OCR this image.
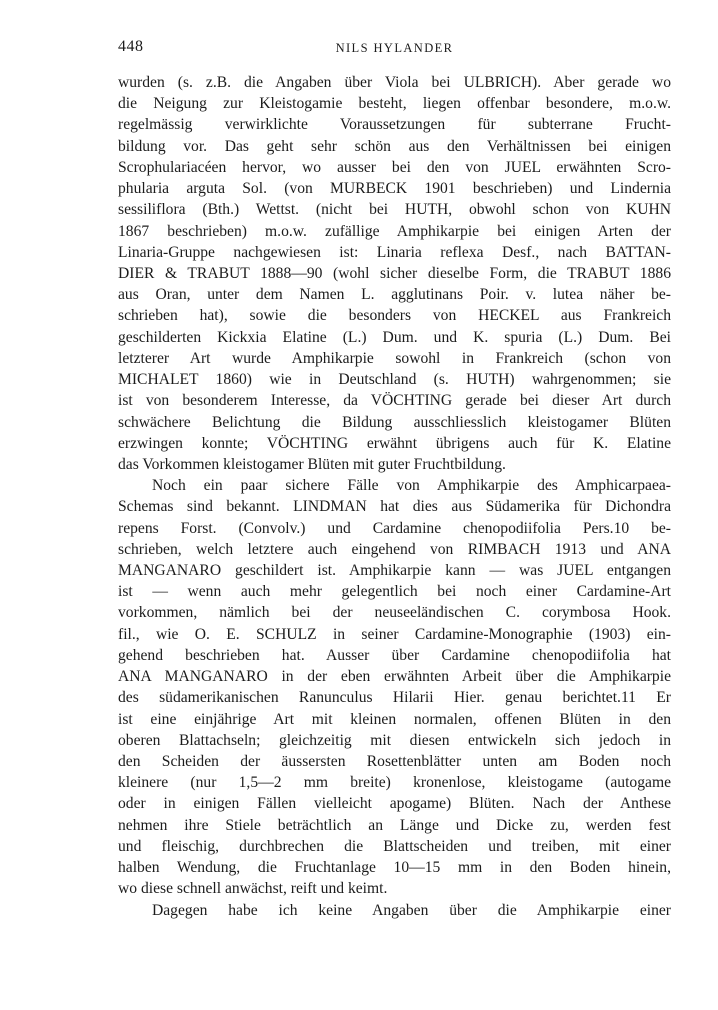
448	NILS HYLANDER
wurden (s. z.B. die Angaben über Viola bei ULBRICH). Aber gerade wo
die Neigung zur Kleistogamie besteht, liegen offenbar besondere, m.o.w.
regelmässig verwirklichte Voraussetzungen für subterrane Frucht-
bildung vor. Das geht sehr schön aus den Verhältnissen bei einigen
Scrophulariacéen hervor, wo ausser bei den von JUEL erwähnten Scro-
phularia arguta Sol. (von MURBECK 1901 beschrieben) und Lindernia
sessiliflora (Bth.) Wettst. (nicht bei HUTH, obwohl schon von KUHN
1867 beschrieben) m.o.w. zufällige Amphikarpie bei einigen Arten der
Linaria-Gruppe nachgewiesen ist: Linaria reflexa Desf., nach BATTAN-
DIER & TRABUT 1888—90 (wohl sicher dieselbe Form, die TRABUT 1886
aus Oran, unter dem Namen L. agglutinans Poir. v. lutea näher be-
schrieben hat), sowie die besonders von HECKEL aus Frankreich
geschilderten Kickxia Elatine (L.) Dum. und K. spuria (L.) Dum. Bei
letzterer Art wurde Amphikarpie sowohl in Frankreich (schon von
MICHALET 1860) wie in Deutschland (s. HUTH) wahrgenommen; sie
ist von besonderem Interesse, da VÖCHTING gerade bei dieser Art durch
schwächere Belichtung die Bildung ausschliesslich kleistogamer Blüten
erzwingen konnte; VÖCHTING erwähnt übrigens auch für K. Elatine
das Vorkommen kleistogamer Blüten mit guter Fruchtbildung.
Noch ein paar sichere Fälle von Amphikarpie des Amphicarpaea-
Schemas sind bekannt. LINDMAN hat dies aus Südamerika für Dichondra
repens Forst. (Convolv.) und Cardamine chenopodiifolia Pers.10 be-
schrieben, welch letztere auch eingehend von RIMBACH 1913 und ANA
MANGANARO geschildert ist. Amphikarpie kann — was JUEL entgangen
ist — wenn auch mehr gelegentlich bei noch einer Cardamine-Art
vorkommen, nämlich bei der neuseeländischen C. corymbosa Hook.
fil., wie O. E. SCHULZ in seiner Cardamine-Monographie (1903) ein-
gehend beschrieben hat. Ausser über Cardamine chenopodiifolia hat
ANA MANGANARO in der eben erwähnten Arbeit über die Amphikarpie
des südamerikanischen Ranunculus Hilarii Hier. genau berichtet.11 Er
ist eine einjährige Art mit kleinen normalen, offenen Blüten in den
oberen Blattachseln; gleichzeitig mit diesen entwickeln sich jedoch in
den Scheiden der äussersten Rosettenblätter unten am Boden noch
kleinere (nur 1,5—2 mm breite) kronenlose, kleistogame (autogame
oder in einigen Fällen vielleicht apogame) Blüten. Nach der Anthese
nehmen ihre Stiele beträchtlich an Länge und Dicke zu, werden fest
und fleischig, durchbrechen die Blattscheiden und treiben, mit einer
halben Wendung, die Fruchtanlage 10—15 mm in den Boden hinein,
wo diese schnell anwächst, reift und keimt.
Dagegen habe ich keine Angaben über die Amphikarpie einer
